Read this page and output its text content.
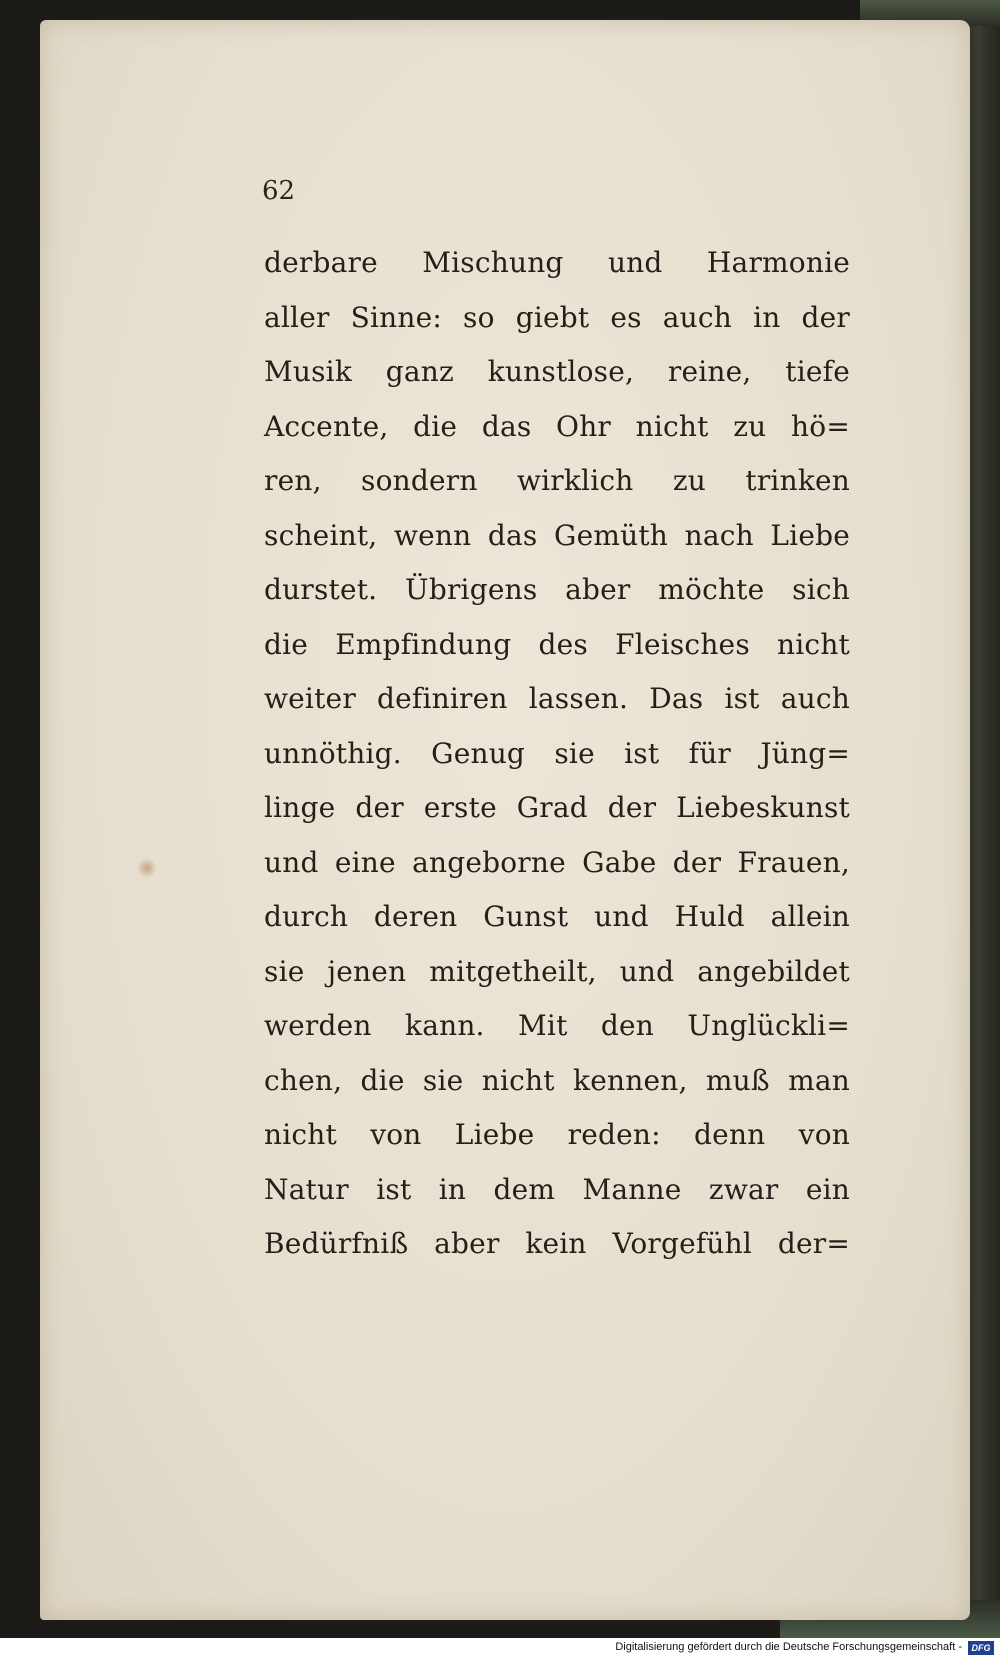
62
derbare Mischung und Harmonie
aller Sinne: so giebt es auch in der
Musik ganz kunstlose, reine, tiefe
Accente, die das Ohr nicht zu hö=
ren, sondern wirklich zu trinken
scheint, wenn das Gemüth nach Liebe
durstet. Übrigens aber möchte sich
die Empfindung des Fleisches nicht
weiter definiren lassen. Das ist auch
unnöthig. Genug sie ist für Jüng=
linge der erste Grad der Liebeskunst
und eine angeborne Gabe der Frauen,
durch deren Gunst und Huld allein
sie jenen mitgetheilt, und angebildet
werden kann. Mit den Unglückli=
chen, die sie nicht kennen, muß man
nicht von Liebe reden: denn von
Natur ist in dem Manne zwar ein
Bedürfniß aber kein Vorgefühl der=
Digitalisierung gefördert durch die Deutsche Forschungsgemeinschaft -	DFG
